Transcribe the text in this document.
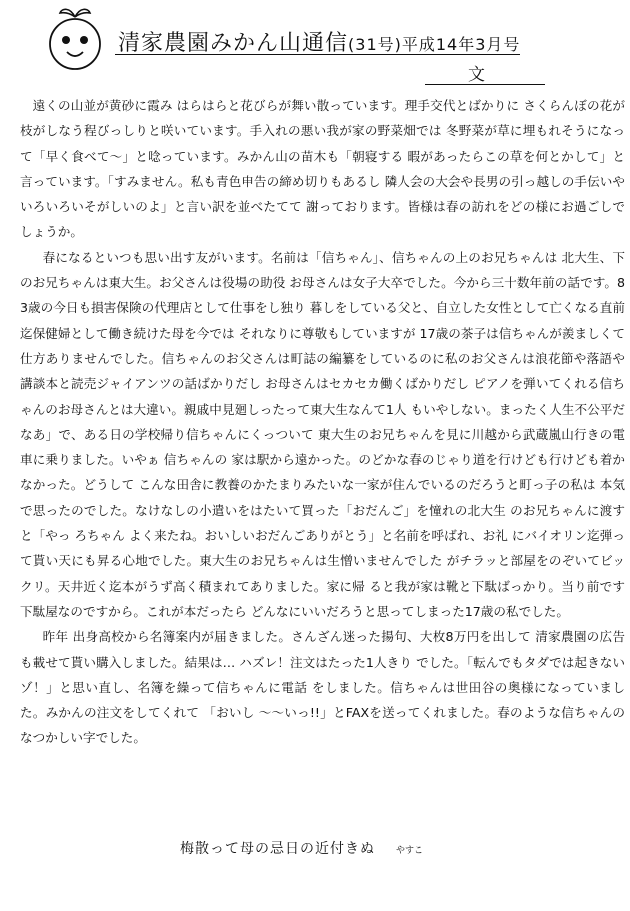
清家農園みかん山通信(31号)平成14年3月号
文

遠くの山並が黄砂に霞み はらはらと花びらが舞い散っています。理手交代とばかりに さくらんぼの花が枝がしなう程びっしりと咲いています。手入れの悪い我が家の野菜畑では 冬野菜が草に埋もれそうになって「早く食べて～」と唸っています。みかん山の苗木も「朝寝する 暇があったらこの草を何とかして」と言っています。「すみません。私も青色申告の締め切りもあるし 隣人会の大会や長男の引っ越しの手伝いやいろいろいそがしいのよ」と言い訳を並べたてて 謝っております。皆様は春の訪れをどの様にお過ごしでしょうか。

春になるといつも思い出す友がいます。名前は「信ちゃん」、信ちゃんの上のお兄ちゃんは 北大生、下のお兄ちゃんは東大生。お父さんは役場の助役 お母さんは女子大卒でした。今から三十数年前の話です。83歳の今日も損害保険の代理店として仕事をし独り 暮しをしている父と、自立した女性として亡くなる直前迄保健婦として働き続けた母を今では それなりに尊敬もしていますが 17歳の茶子は信ちゃんが羨ましくて仕方ありませんでした。信ちゃんのお父さんは町誌の編纂をしているのに私のお父さんは浪花節や落語や 講談本と読売ジャイアンツの話ばかりだし お母さんはセカセカ働くばかりだし ピアノを弾いてくれる信ちゃんのお母さんとは大違い。親戚中見廻しったって東大生なんて1人 もいやしない。まったく人生不公平だなあ」で、ある日の学校帰り信ちゃんにくっついて 東大生のお兄ちゃんを見に川越から武蔵嵐山行きの電車に乗りました。いやぁ 信ちゃんの 家は駅から遠かった。のどかな春のじゃり道を行けども行けども着かなかった。どうして こんな田舎に教養のかたまりみたいな一家が住んでいるのだろうと町っ子の私は 本気で思ったのでした。なけなしの小遣いをはたいて買った「おだんご」を憧れの北大生 のお兄ちゃんに渡すと「やっ ろちゃん よく来たね。おいしいおだんごありがとう」と名前を呼ばれ、お礼 にバイオリン迄弾って貰い天にも昇る心地でした。東大生のお兄ちゃんは生憎いませんでした がチラッと部屋をのぞいてビックリ。天井近く迄本がうず高く積まれてありました。家に帰 ると我が家は靴と下駄ばっかり。当り前です 下駄屋なのですから。これが本だったら どんなにいいだろうと思ってしまった17歳の私でした。

昨年 出身高校から名簿案内が届きました。さんざん迷った揚句、大枚8万円を出して 清家農園の広告も載せて貰い購入しました。結果は… ハズレ！注文はたった1人きり でした。「転んでもタダでは起きないゾ！」と思い直し、名簿を繰って信ちゃんに電話 をしました。信ちゃんは世田谷の奥様になっていました。みかんの注文をしてくれて 「おいし ～～いっ!!」とFAXを送ってくれました。春のような信ちゃんのなつかしい字でした。

梅散って母の忌日の近付きぬ やすこ
